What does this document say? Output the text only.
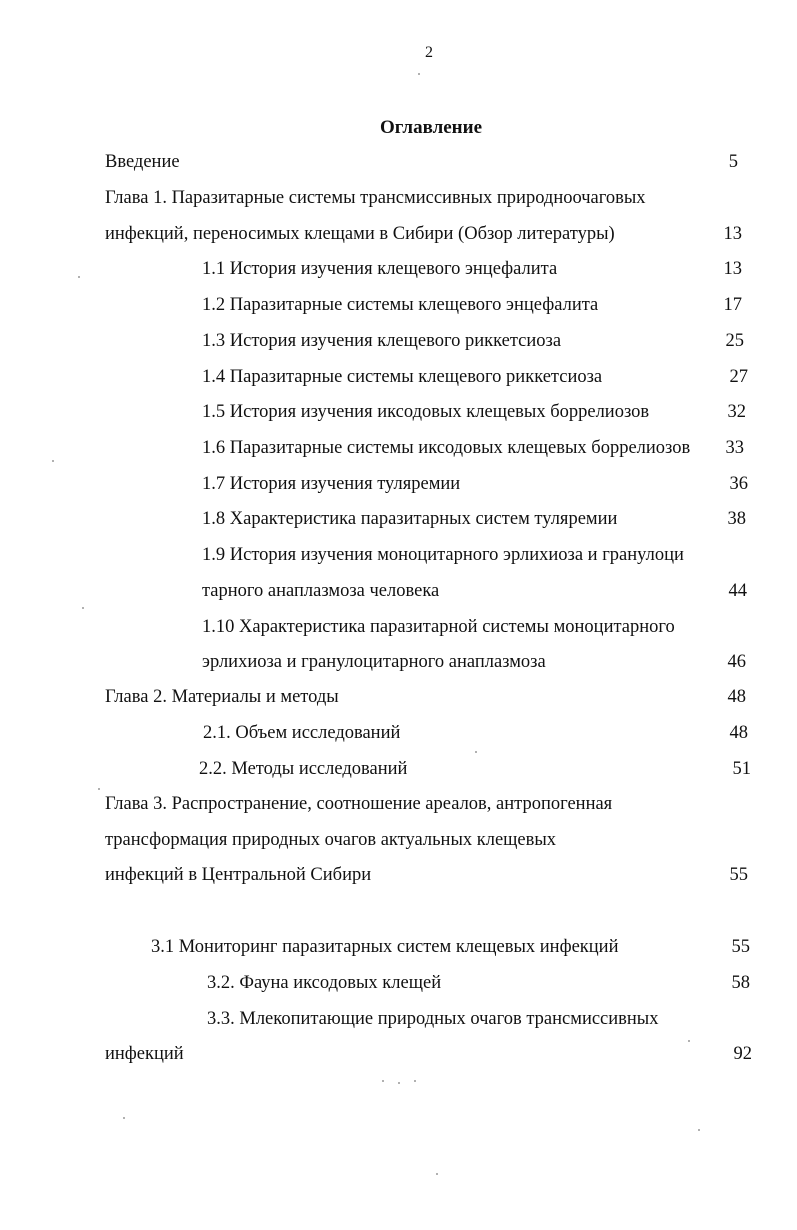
2
Оглавление
Введение	5
Глава 1. Паразитарные системы трансмиссивных природноочаговых
инфекций, переносимых клещами в Сибири (Обзор литературы)	13
1.1 История изучения клещевого энцефалита	13
1.2 Паразитарные системы клещевого энцефалита	17
1.3 История изучения клещевого риккетсиоза	25
1.4 Паразитарные системы клещевого риккетсиоза	27
1.5 История изучения иксодовых клещевых боррелиозов	32
1.6 Паразитарные системы иксодовых клещевых боррелиозов	33
1.7 История изучения туляремии	36
1.8 Характеристика паразитарных систем туляремии	38
1.9 История изучения моноцитарного эрлихиоза и гранулоци
тарного анаплазмоза человека	44
1.10 Характеристика паразитарной системы моноцитарного
эрлихиоза и гранулоцитарного анаплазмоза	46
Глава 2. Материалы и методы	48
2.1. Объем исследований	48
2.2. Методы исследований	51
Глава 3. Распространение, соотношение ареалов, антропогенная
трансформация природных очагов актуальных клещевых
инфекций в Центральной Сибири	55
3.1 Мониторинг паразитарных систем клещевых инфекций	55
3.2. Фауна иксодовых клещей	58
3.3. Млекопитающие природных очагов трансмиссивных
инфекций	92
